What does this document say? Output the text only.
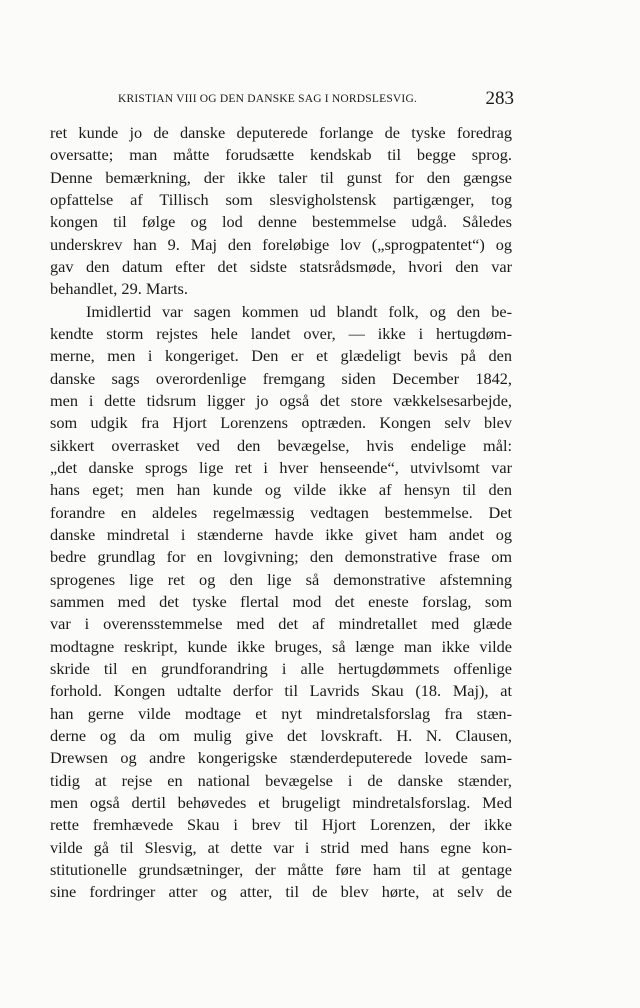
KRISTIAN VIII OG DEN DANSKE SAG I NORDSLESVIG.	283
ret kunde jo de danske deputerede forlange de tyske foredrag
oversatte; man måtte forudsætte kendskab til begge sprog.
Denne bemærkning, der ikke taler til gunst for den gængse
opfattelse af Tillisch som slesvigholstensk partigænger, tog
kongen til følge og lod denne bestemmelse udgå. Således
underskrev han 9. Maj den foreløbige lov („sprogpatentet“) og
gav den datum efter det sidste statsrådsmøde, hvori den var
behandlet, 29. Marts.
Imidlertid var sagen kommen ud blandt folk, og den be-
kendte storm rejstes hele landet over, — ikke i hertugdøm-
merne, men i kongeriget. Den er et glædeligt bevis på den
danske sags overordenlige fremgang siden December 1842,
men i dette tidsrum ligger jo også det store vækkelsesarbejde,
som udgik fra Hjort Lorenzens optræden. Kongen selv blev
sikkert overrasket ved den bevægelse, hvis endelige mål:
„det danske sprogs lige ret i hver henseende“, utvivlsomt var
hans eget; men han kunde og vilde ikke af hensyn til den
forandre en aldeles regelmæssig vedtagen bestemmelse. Det
danske mindretal i stænderne havde ikke givet ham andet og
bedre grundlag for en lovgivning; den demonstrative frase om
sprogenes lige ret og den lige så demonstrative afstemning
sammen med det tyske flertal mod det eneste forslag, som
var i overensstemmelse med det af mindretallet med glæde
modtagne reskript, kunde ikke bruges, så længe man ikke vilde
skride til en grundforandring i alle hertugdømmets offenlige
forhold. Kongen udtalte derfor til Lavrids Skau (18. Maj), at
han gerne vilde modtage et nyt mindretalsforslag fra stæn-
derne og da om mulig give det lovskraft. H. N. Clausen,
Drewsen og andre kongerigske stænderdeputerede lovede sam-
tidig at rejse en national bevægelse i de danske stænder,
men også dertil behøvedes et brugeligt mindretalsforslag. Med
rette fremhævede Skau i brev til Hjort Lorenzen, der ikke
vilde gå til Slesvig, at dette var i strid med hans egne kon-
stitutionelle grundsætninger, der måtte føre ham til at gentage
sine fordringer atter og atter, til de blev hørte, at selv de
